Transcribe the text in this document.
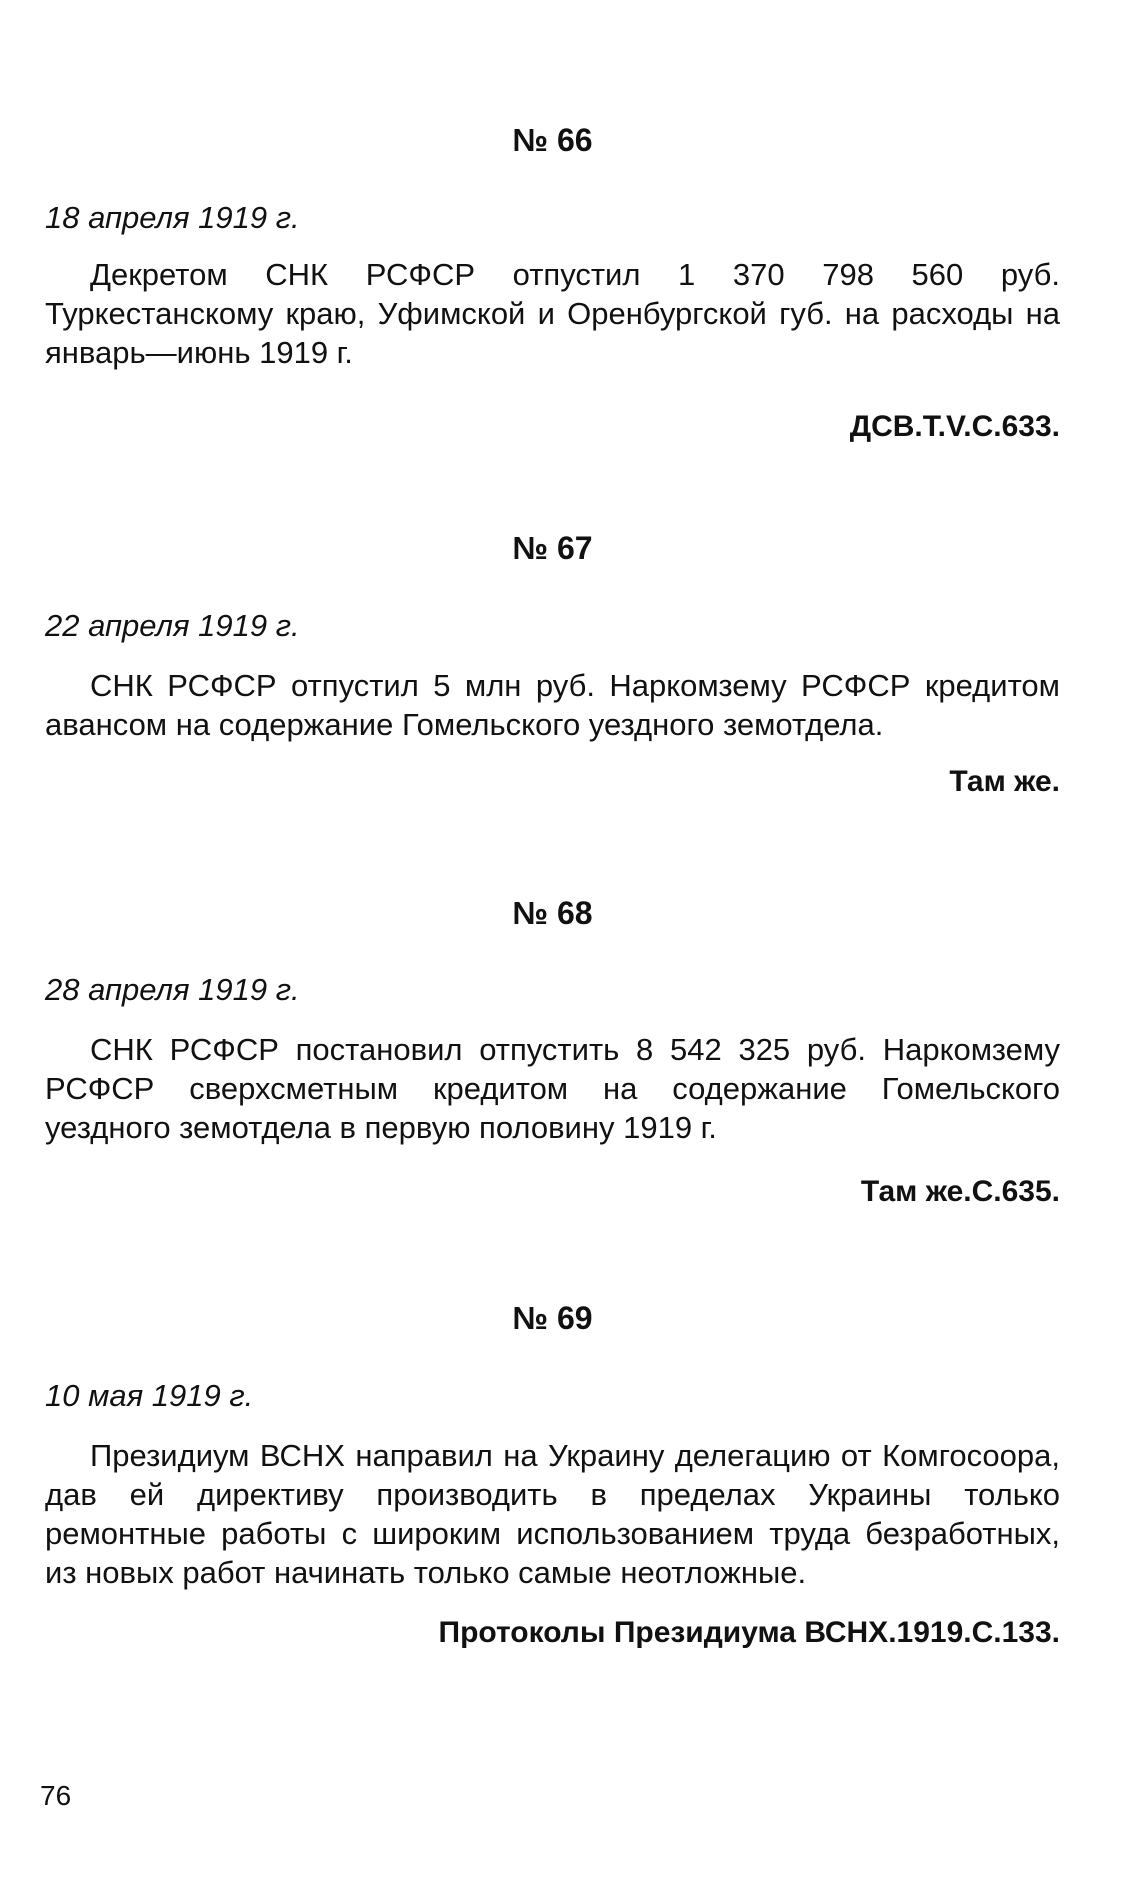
№ 66
18 апреля 1919 г.
Декретом СНК РСФСР отпустил 1 370 798 560 руб. Туркестанскому краю, Уфимской и Оренбургской губ. на расходы на январь—июнь 1919 г.
ДСВ.Т.V.С.633.
№ 67
22 апреля 1919 г.
СНК РСФСР отпустил 5 млн руб. Наркомзему РСФСР кредитом авансом на содержание Гомельского уездного земотдела.
Там же.
№ 68
28 апреля 1919 г.
СНК РСФСР постановил отпустить 8 542 325 руб. Наркомзему РСФСР сверхсметным кредитом на содержание Гомельского уездного земотдела в первую половину 1919 г.
Там же.С.635.
№ 69
10 мая 1919 г.
Президиум ВСНХ направил на Украину делегацию от Комгосоора, дав ей директиву производить в пределах Украины только ремонтные работы с широким использованием труда безработных, из новых работ начинать только самые неотложные.
Протоколы Президиума ВСНХ.1919.С.133.
76
